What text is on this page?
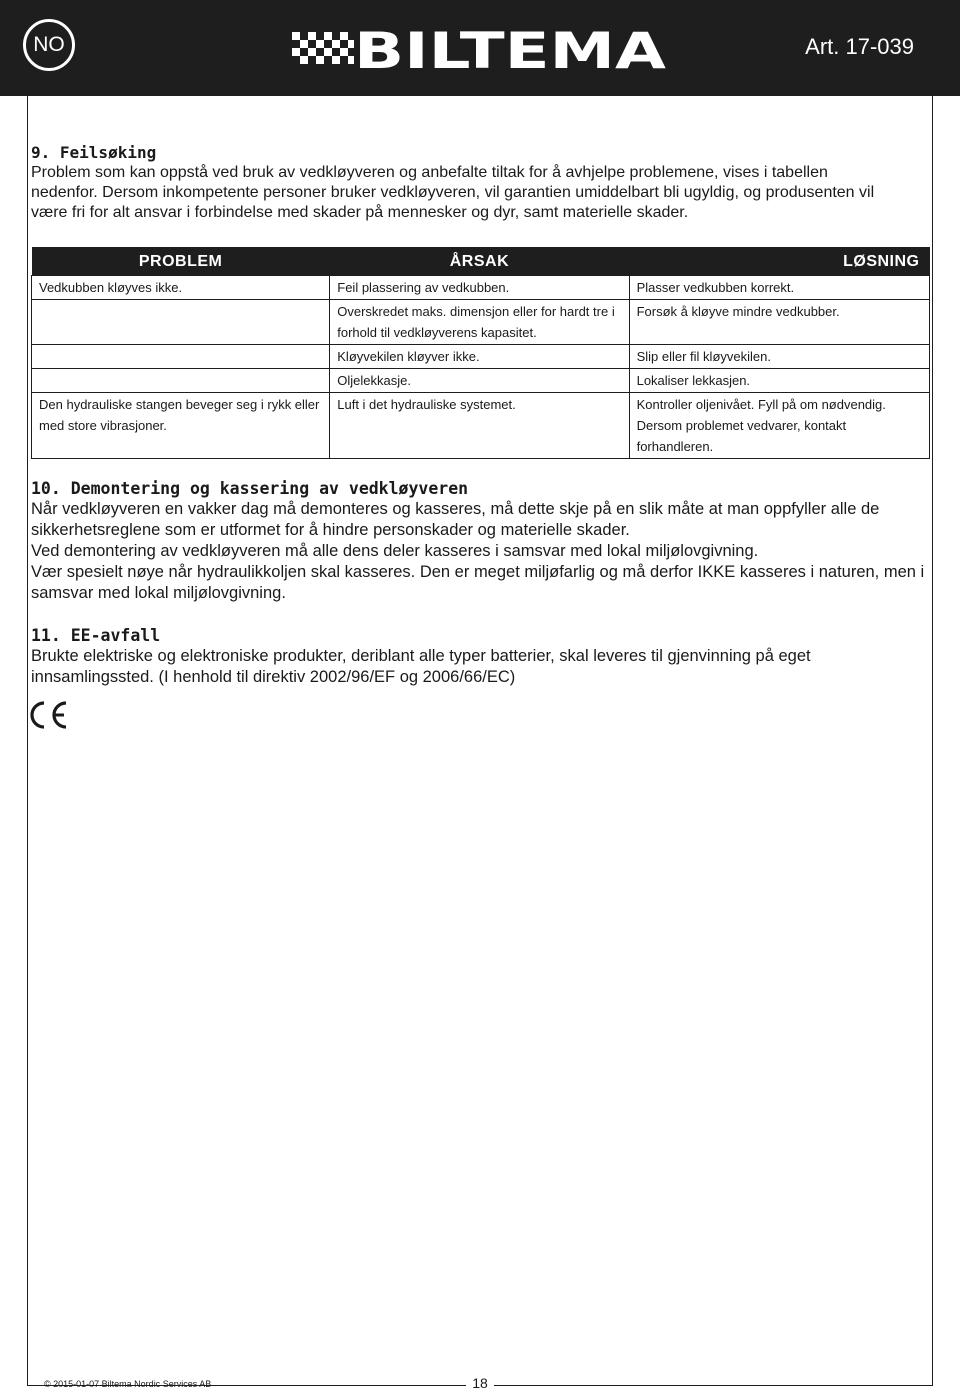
NO	BILTEMA	Art. 17-039
9. Feilsøking

Problem som kan oppstå ved bruk av vedkløyveren og anbefalte tiltak for å avhjelpe problemene, vises i tabellen nedenfor. Dersom inkompetente personer bruker vedkløyveren, vil garantien umiddelbart bli ugyldig, og produsenten vil være fri for alt ansvar i forbindelse med skader på mennesker og dyr, samt materielle skader.

PROBLEM	ÅRSAK	LØSNING
Vedkubben kløyves ikke.	Feil plassering av vedkubben.	Plasser vedkubben korrekt.
	Overskredet maks. dimensjon eller for hardt tre i forhold til vedkløyverens kapasitet.	Forsøk å kløyve mindre vedkubber.
	Kløyvekilen kløyver ikke.	Slip eller fil kløyvekilen.
	Oljelekkasje.	Lokaliser lekkasjen.
Den hydrauliske stangen beveger seg i rykk eller med store vibrasjoner.	Luft i det hydrauliske systemet.	Kontroller oljenivået. Fyll på om nødvendig. Dersom problemet vedvarer, kontakt forhandleren.
10. Demontering og kassering av vedkløyveren

Når vedkløyveren en vakker dag må demonteres og kasseres, må dette skje på en slik måte at man oppfyller alle de sikkerhetsreglene som er utformet for å hindre personskader og materielle skader.

Ved demontering av vedkløyveren må alle dens deler kasseres i samsvar med lokal miljølovgivning.

Vær spesielt nøye når hydraulikkoljen skal kasseres. Den er meget miljøfarlig og må derfor IKKE kasseres i naturen, men i samsvar med lokal miljølovgivning.

11. EE-avfall

Brukte elektriske og elektroniske produkter, deriblant alle typer batterier, skal leveres til gjenvinning på eget innsamlingssted. (I henhold til direktiv 2002/96/EF og 2006/66/EC)

© 2015-01-07 Biltema Nordic Services AB	18
